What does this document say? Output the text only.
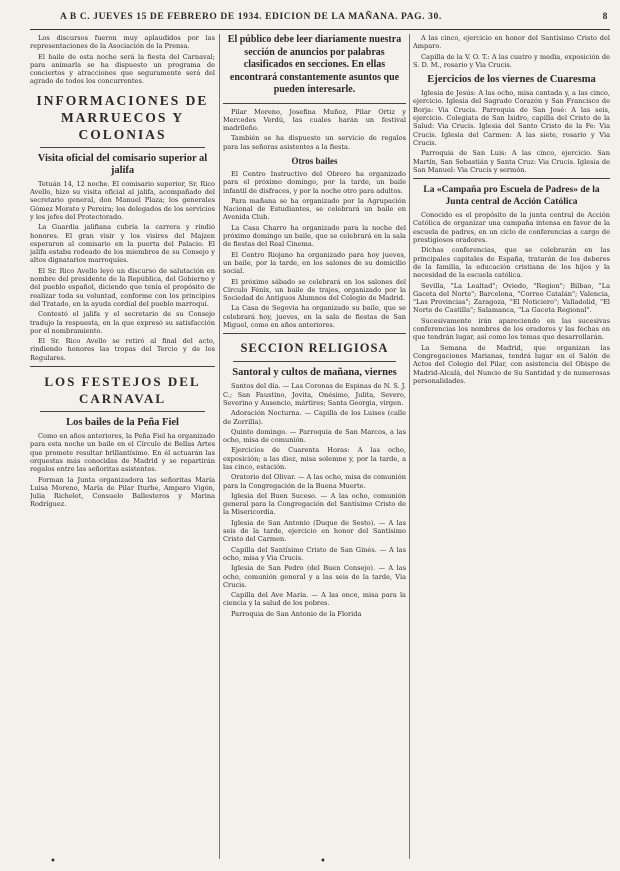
A B C. JUEVES 15 DE FEBRERO DE 1934. EDICION DE LA MAÑANA. PAG. 30.	8

Los discursos fueron muy aplaudidos por las representaciones de la Asociación de la Prensa.

El baile de esta noche será la fiesta del Carnaval; para animarla se ha dispuesto un programa de conciertos y atracciones que seguramente será del agrado de todos los concurrentes.

INFORMACIONES DE MARRUECOS Y COLONIAS
Visita oficial del comisario superior al jalifa

Tetuán 14, 12 noche. El comisario superior, Sr. Rico Avello, hizo su visita oficial al jalifa, acompañado del secretario general, don Manuel Plaza; los generales Gómez Morato y Pereira; los delegados de los servicios y los jefes del Protectorado.

La Guardia jalifiana cubría la carrera y rindió honores. El gran visir y los visires del Majzen esperaron al comisario en la puerta del Palacio. El jalifa estaba rodeado de los miembros de su Consejo y altos dignatarios marroquíes.

El Sr. Rico Avello leyó un discurso de salutación en nombre del presidente de la República, del Gobierno y del pueblo español, diciendo que tenía el propósito de realizar toda su voluntad, conforme con los principios del Tratado, en la ayuda cordial del pueblo marroquí.

Contestó el jalifa y el secretario de su Consejo tradujo la respuesta, en la que expresó su satisfacción por el nombramiento.

El Sr. Rico Avello se retiró al final del acto, rindiendo honores las tropas del Tercio y de los Regulares.

LOS FESTEJOS DEL CARNAVAL
Los bailes de la Peña Fiel

Como en años anteriores, la Peña Fiel ha organizado para esta noche un baile en el Círculo de Bellas Artes que promete resultar brillantísimo. En él actuarán las orquestas más conocidas de Madrid y se repartirán regalos entre las señoritas asistentes.

Forman la Junta organizadora las señoritas María Luisa Moreno, María de Pilar Iturbe, Amparo Vigón, Julia Richelet, Consuelo Ballesteros y Marina Rodríguez.

El público debe leer diariamente nuestra sección de anuncios por palabras clasificados en secciones. En ellas encontrará constantemente asuntos que pueden interesarle.

Pilar Moreno, Josefina Muñoz, Pilar Ortiz y Mercedes Verdú, las cuales harán un festival madrileño.

También se ha dispuesto un servicio de regalos para las señoras asistentes a la fiesta.

Otros bailes

El Centro Instructivo del Obrero ha organizado para el próximo domingo, por la tarde, un baile infantil de disfraces, y por la noche otro para adultos.

Para mañana se ha organizado por la Agrupación Nacional de Estudiantes, se celebrará un baile en Avenida Club.

La Casa Charro ha organizado para la noche del próximo domingo un baile, que se celebrará en la sala de fiestas del Real Cinema.

El Centro Riojano ha organizado para hoy jueves, un baile, por la tarde, en los salones de su domicilio social.

El próximo sábado se celebrará en los salones del Círculo Fénix, un baile de trajes, organizado por la Sociedad de Antiguos Alumnos del Colegio de Madrid.

La Casa de Segovia ha organizado su baile, que se celebrará hoy, jueves, en la sala de fiestas de San Miguel, como en años anteriores.

SECCION RELIGIOSA
Santoral y cultos de mañana, viernes

Santos del día. — Las Coronas de Espinas de N. S. J. C.; San Faustino, Jovita, Onésimo, Julita, Severo, Severino y Ausencio, mártires; Santa Georgia, virgen.

Adoración Nocturna. — Capilla de los Luises (calle de Zorrilla).

Quinto domingo. — Parroquia de San Marcos, a las ocho, misa de comunión.

Ejercicios de Cuarenta Horas: A las ocho, exposición; a las diez, misa solemne y, por la tarde, a las cinco, estación.

Oratorio del Olivar. — A las ocho, misa de comunión para la Congregación de la Buena Muerte.

Iglesia del Buen Suceso. — A las ocho, comunión general para la Congregación del Santísimo Cristo de la Misericordia.

Iglesia de San Antonio (Duque de Sesto). — A las seis de la tarde, ejercicio en honor del Santísimo Cristo del Carmen.

Capilla del Santísimo Cristo de San Ginés. — A las ocho, misa y Via Crucis.

Iglesia de San Pedro (del Buen Consejo). — A las ocho, comunión general y a las seis de la tarde, Via Crucis.

Capilla del Ave María. — A las once, misa para la ciencia y la salud de los pobres.

Parroquia de San Antonio de la Florida

A las cinco, ejercicio en honor del Santísimo Cristo del Amparo.

Capilla de la V. O. T.: A las cuatro y media, exposición de S. D. M., rosario y Via Crucis.

Ejercicios de los viernes de Cuaresma

Iglesia de Jesús: A las ocho, misa cantada y, a las cinco, ejercicio. Iglesia del Sagrado Corazón y San Francisco de Borja: Via Crucis. Parroquia de San José: A las seis, ejercicio. Colegiata de San Isidro, capilla del Cristo de la Salud: Via Crucis. Iglesia del Santo Cristo de la Fe: Via Crucis. Iglesia del Carmen: A las siete, rosario y Via Crucis.

Parroquia de San Luis: A las cinco, ejercicio. San Martín, San Sebastián y Santa Cruz: Via Crucis. Iglesia de San Manuel: Via Crucis y sermón.

La «Campaña pro Escuela de Padres» de la Junta central de Acción Católica

Conocido es el propósito de la junta central de Acción Católica de organizar una campaña intensa en favor de la escuela de padres, en un ciclo de conferencias a cargo de prestigiosos oradores.

Dichas conferencias, que se celebrarán en las principales capitales de España, tratarán de los deberes de la familia, la educación cristiana de los hijos y la necesidad de la escuela católica.

Sevilla, "La Lealtad"; Oviedo, "Region"; Bilbao, "La Gaceta del Norte"; Barcelona, "Correo Catalán"; Valencia, "Las Provincias"; Zaragoza, "El Noticiero"; Valladolid, "El Norte de Castilla"; Salamanca, "La Gaceta Regional".

Sucesivamente irán apareciendo en las sucesivas conferencias los nombres de los oradores y las fechas en que tendrán lugar, así como los temas que desarrollarán.

La Semana de Madrid, que organizan las Congregaciones Marianas, tendrá lugar en el Salón de Actos del Colegio del Pilar, con asistencia del Obispo de Madrid-Alcalá, del Nuncio de Su Santidad y de numerosas personalidades.

•	•
